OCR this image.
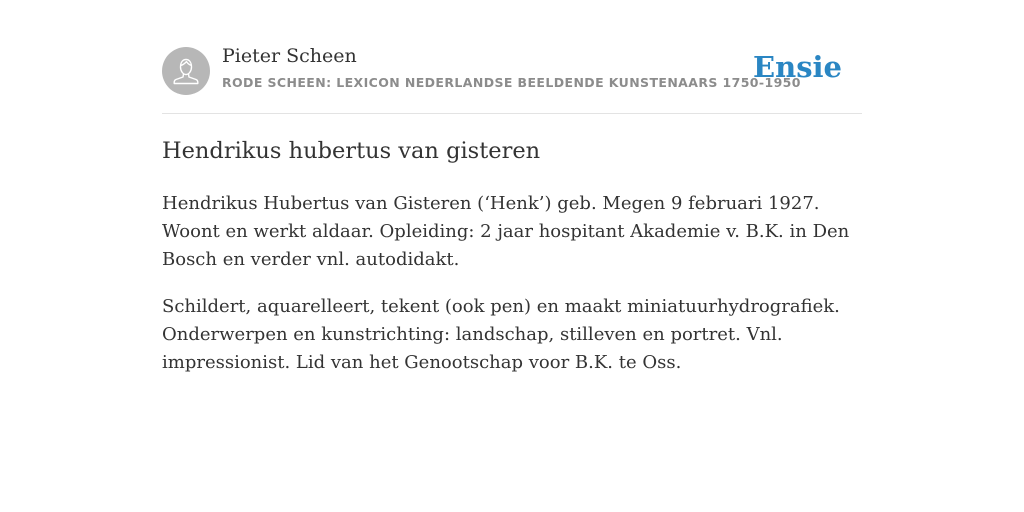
Pieter Scheen
RODE SCHEEN: LEXICON NEDERLANDSE BEELDENDE KUNSTENAARS 1750-1950
Ensie
Hendrikus hubertus van gisteren

Hendrikus Hubertus van Gisteren (‘Henk’) geb. Megen 9 februari 1927. Woont en werkt aldaar. Opleiding: 2 jaar hospitant Akademie v. B.K. in Den Bosch en verder vnl. autodidakt.

Schildert, aquarelleert, tekent (ook pen) en maakt miniatuurhydrografiek. Onderwerpen en kunstrichting: landschap, stilleven en portret. Vnl. impressionist. Lid van het Genootschap voor B.K. te Oss.
